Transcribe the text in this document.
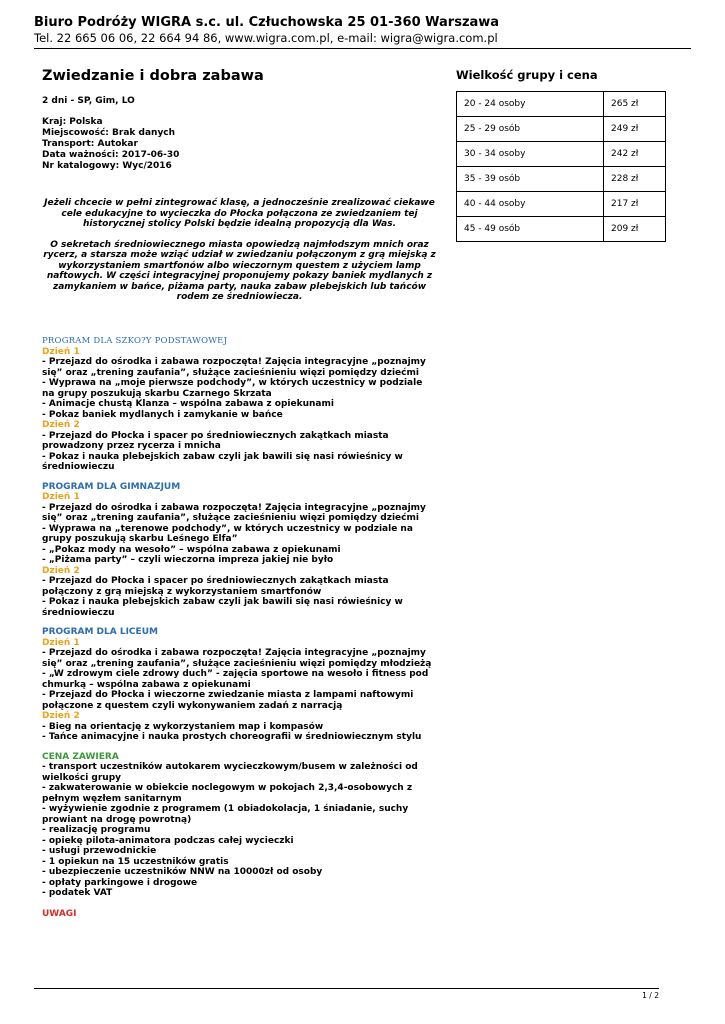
Biuro Podróży WIGRA s.c. ul. Człuchowska 25 01-360 Warszawa
Tel. 22 665 06 06, 22 664 94 86, www.wigra.com.pl, e-mail: wigra@wigra.com.pl
Zwiedzanie i dobra zabawa
2 dni - SP, Gim, LO
Kraj: Polska
Miejscowość: Brak danych
Transport: Autokar
Data ważności: 2017-06-30
Nr katalogowy: Wyc/2016

Jeżeli chcecie w pełni zintegrować klasę, a jednocześnie zrealizować ciekawe cele edukacyjne to wycieczka do Płocka połączona ze zwiedzaniem tej historycznej stolicy Polski będzie idealną propozycją dla Was.

O sekretach średniowiecznego miasta opowiedzą najmłodszym mnich oraz rycerz, a starsza może wziąć udział w zwiedzaniu połączonym z grą miejską z wykorzystaniem smartfonów albo wieczornym questem z użyciem lamp naftowych. W części integracyjnej proponujemy pokazy baniek mydlanych z zamykaniem w bańce, piżama party, nauka zabaw plebejskich lub tańców rodem ze średniowiecza.

PROGRAM DLA SZKO?Y PODSTAWOWEJ
Dzień 1
- Przejazd do ośrodka i zabawa rozpoczęta! Zajęcia integracyjne „poznajmy się” oraz „trening zaufania”, służące zacieśnieniu więzi pomiędzy dziećmi
- Wyprawa na „moje pierwsze podchody”, w których uczestnicy w podziale na grupy poszukują skarbu Czarnego Skrzata
- Animacje chustą Klanza – wspólna zabawa z opiekunami
- Pokaz baniek mydlanych i zamykanie w bańce
Dzień 2
- Przejazd do Płocka i spacer po średniowiecznych zakątkach miasta prowadzony przez rycerza i mnicha
- Pokaz i nauka plebejskich zabaw czyli jak bawili się nasi rówieśnicy w średniowieczu
PROGRAM DLA GIMNAZJUM
Dzień 1
- Przejazd do ośrodka i zabawa rozpoczęta! Zajęcia integracyjne „poznajmy się” oraz „trening zaufania”, służące zacieśnieniu więzi pomiędzy dziećmi
- Wyprawa na „terenowe podchody”, w których uczestnicy w podziale na grupy poszukują skarbu Leśnego Elfa”
- „Pokaz mody na wesoło” – wspólna zabawa z opiekunami
- „Piżama party” – czyli wieczorna impreza jakiej nie było
Dzień 2
- Przejazd do Płocka i spacer po średniowiecznych zakątkach miasta połączony z grą miejską z wykorzystaniem smartfonów
- Pokaz i nauka plebejskich zabaw czyli jak bawili się nasi rówieśnicy w średniowieczu
PROGRAM DLA LICEUM
Dzień 1
- Przejazd do ośrodka i zabawa rozpoczęta! Zajęcia integracyjne „poznajmy się” oraz „trening zaufania”, służące zacieśnieniu więzi pomiędzy młodzieżą
- „W zdrowym ciele zdrowy duch” - zajęcia sportowe na wesoło i fitness pod chmurką – wspólna zabawa z opiekunami
- Przejazd do Płocka i wieczorne zwiedzanie miasta z lampami naftowymi połączone z questem czyli wykonywaniem zadań z narracją
Dzień 2
- Bieg na orientację z wykorzystaniem map i kompasów
- Tańce animacyjne i nauka prostych choreografii w średniowiecznym stylu
CENA ZAWIERA
- transport uczestników autokarem wycieczkowym/busem w zależności od wielkości grupy
- zakwaterowanie w obiekcie noclegowym w pokojach 2,3,4-osobowych z pełnym węzłem sanitarnym
- wyżywienie zgodnie z programem (1 obiadokolacja, 1 śniadanie, suchy prowiant na drogę powrotną)
- realizację programu
- opiekę pilota-animatora podczas całej wycieczki
- usługi przewodnickie
- 1 opiekun na 15 uczestników gratis
- ubezpieczenie uczestników NNW na 10000zł od osoby
- opłaty parkingowe i drogowe
- podatek VAT
UWAGI
Wielkość grupy i cena
20 - 24 osoby	265 zł
25 - 29 osób	249 zł
30 - 34 osoby	242 zł
35 - 39 osób	228 zł
40 - 44 osoby	217 zł
45 - 49 osób	209 zł
1 / 2
